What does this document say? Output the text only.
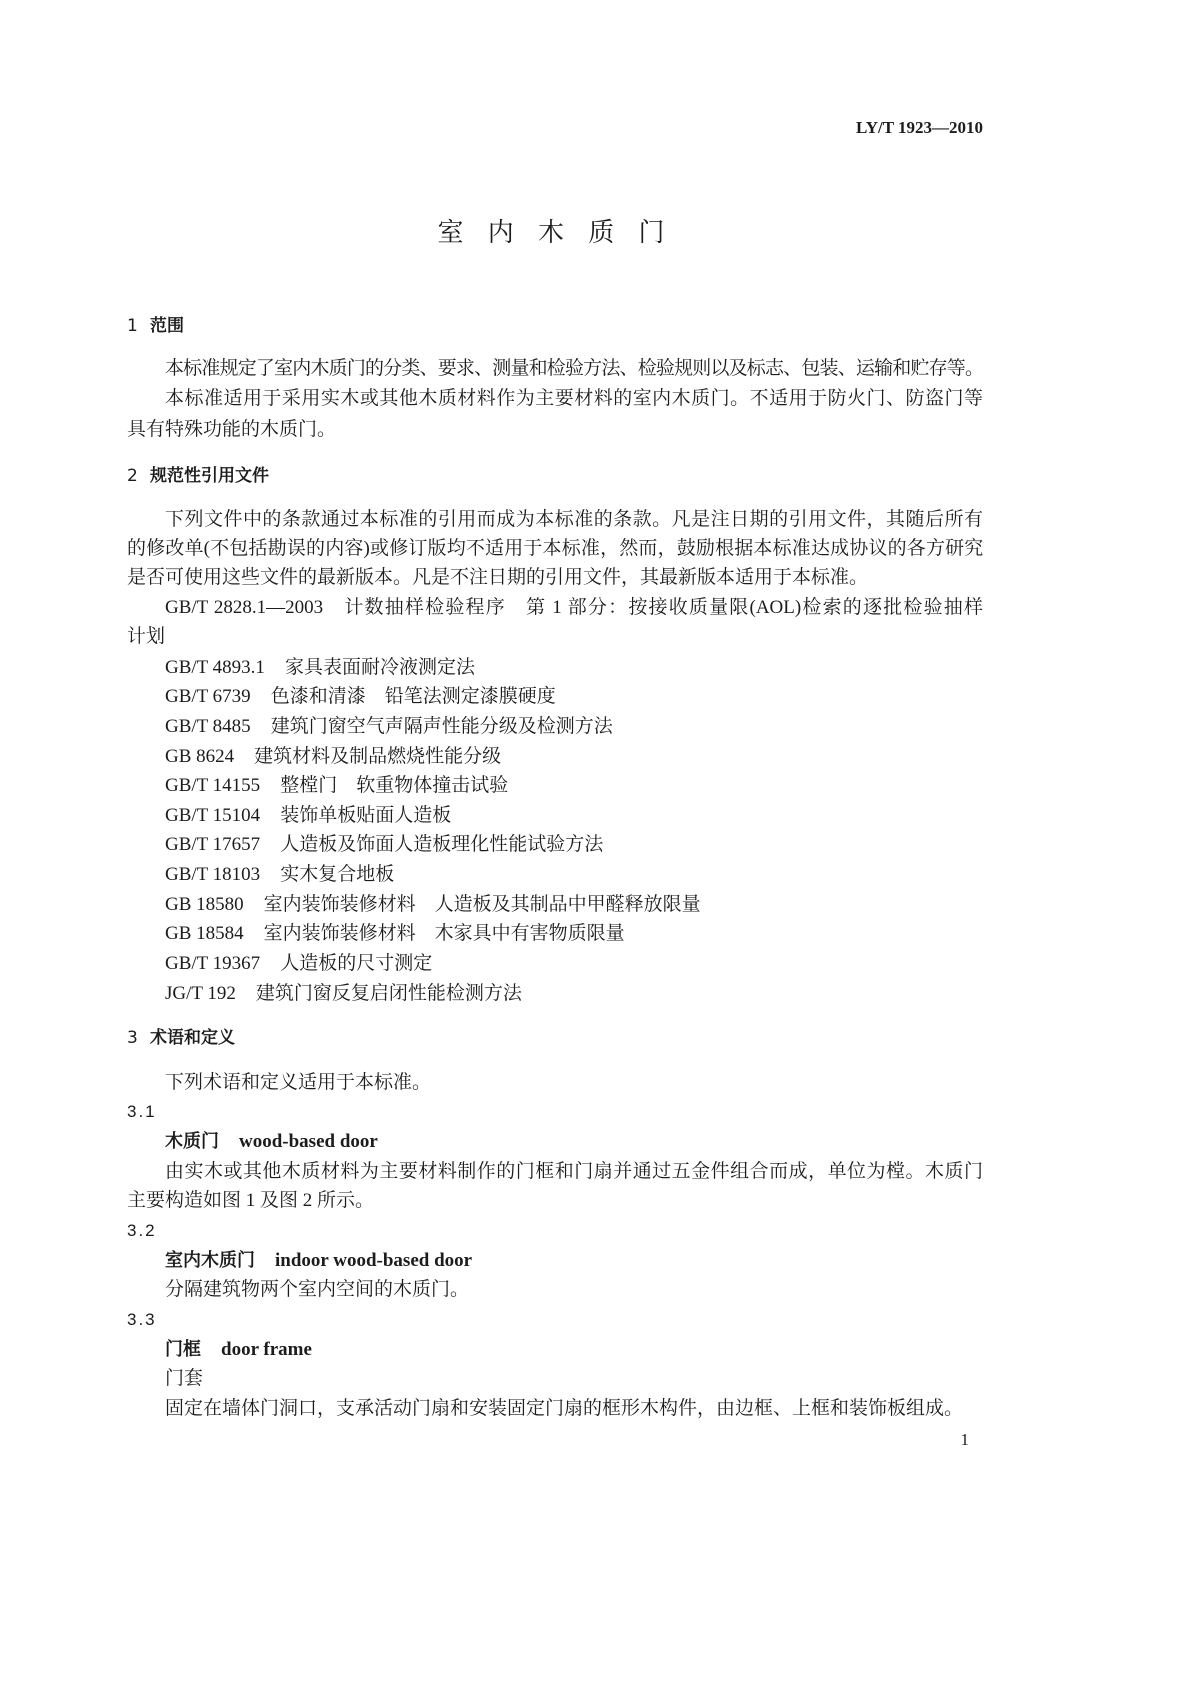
LY/T 1923—2010
室 内 木 质 门
1 范围
本标准规定了室内木质门的分类、要求、测量和检验方法、检验规则以及标志、包装、运输和贮存等。
本标准适用于采用实木或其他木质材料作为主要材料的室内木质门。不适用于防火门、防盗门等
具有特殊功能的木质门。
2 规范性引用文件
下列文件中的条款通过本标准的引用而成为本标准的条款。凡是注日期的引用文件，其随后所有
的修改单(不包括勘误的内容)或修订版均不适用于本标准，然而，鼓励根据本标准达成协议的各方研究
是否可使用这些文件的最新版本。凡是不注日期的引用文件，其最新版本适用于本标准。
GB/T 2828.1—2003 计数抽样检验程序　第 1 部分：按接收质量限(AOL)检索的逐批检验抽样
计划
GB/T 4893.1 家具表面耐冷液测定法
GB/T 6739 色漆和清漆　铅笔法测定漆膜硬度
GB/T 8485 建筑门窗空气声隔声性能分级及检测方法
GB 8624 建筑材料及制品燃烧性能分级
GB/T 14155 整樘门　软重物体撞击试验
GB/T 15104 装饰单板贴面人造板
GB/T 17657 人造板及饰面人造板理化性能试验方法
GB/T 18103 实木复合地板
GB 18580 室内装饰装修材料　人造板及其制品中甲醛释放限量
GB 18584 室内装饰装修材料　木家具中有害物质限量
GB/T 19367 人造板的尺寸测定
JG/T 192 建筑门窗反复启闭性能检测方法
3 术语和定义
下列术语和定义适用于本标准。
3.1
木质门 wood-based door
由实木或其他木质材料为主要材料制作的门框和门扇并通过五金件组合而成，单位为樘。木质门
主要构造如图 1 及图 2 所示。
3.2
室内木质门 indoor wood-based door
分隔建筑物两个室内空间的木质门。
3.3
门框 door frame
门套
固定在墙体门洞口，支承活动门扇和安装固定门扇的框形木构件，由边框、上框和装饰板组成。
1
